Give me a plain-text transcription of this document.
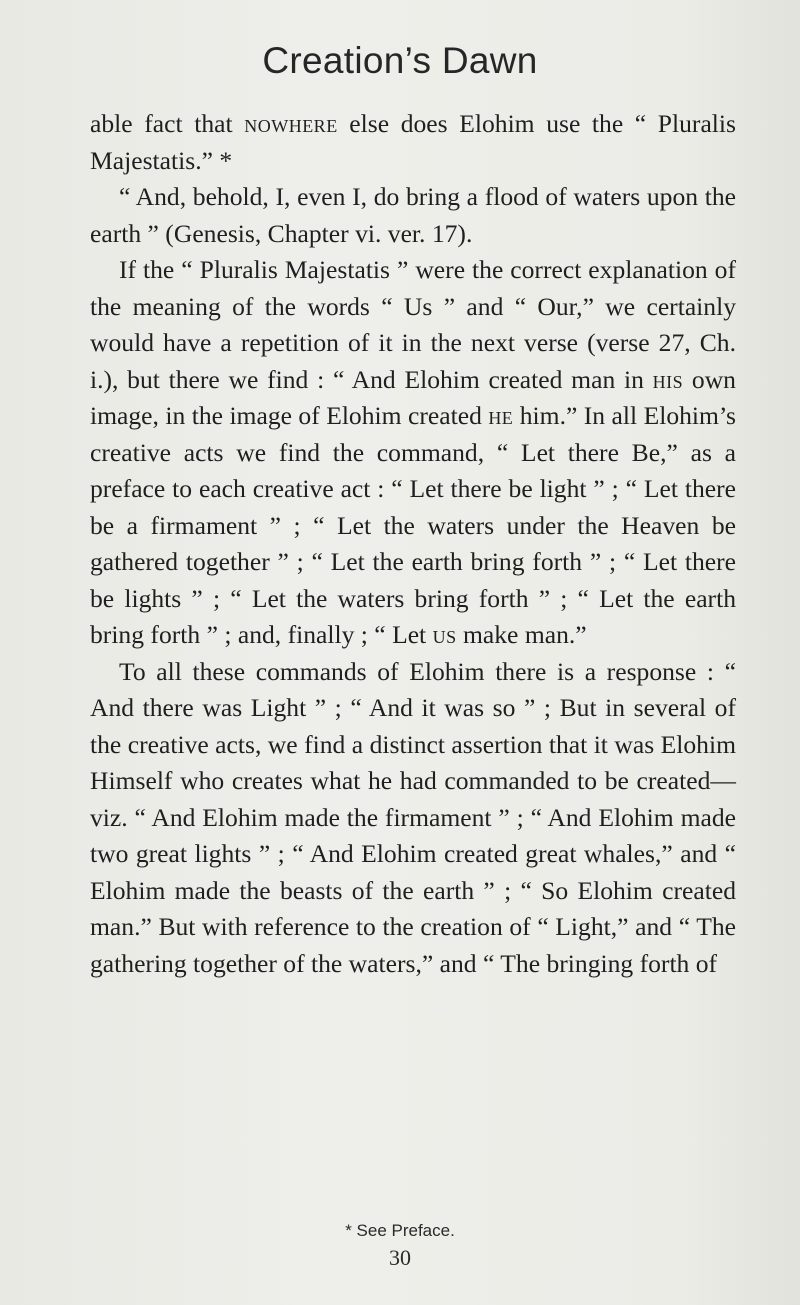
Creation’s Dawn

able fact that nowhere else does Elohim use the “ Pluralis Majestatis.” *

“ And, behold, I, even I, do bring a flood of waters upon the earth ” (Genesis, Chapter vi. ver. 17).

If the “ Pluralis Majestatis ” were the correct explanation of the meaning of the words “ Us ” and “ Our,” we certainly would have a repetition of it in the next verse (verse 27, Ch. i.), but there we find : “ And Elohim created man in his own image, in the image of Elohim created he him.” In all Elohim’s creative acts we find the command, “ Let there Be,” as a preface to each creative act : “ Let there be light ” ; “ Let there be a firmament ” ; “ Let the waters under the Heaven be gathered together ” ; “ Let the earth bring forth ” ; “ Let there be lights ” ; “ Let the waters bring forth ” ; “ Let the earth bring forth ” ; and, finally ; “ Let us make man.”

To all these commands of Elohim there is a response : “ And there was Light ” ; “ And it was so ” ; But in several of the creative acts, we find a distinct assertion that it was Elohim Himself who creates what he had commanded to be created—viz. “ And Elohim made the firmament ” ; “ And Elohim made two great lights ” ; “ And Elohim created great whales,” and “ Elohim made the beasts of the earth ” ; “ So Elohim created man.” But with reference to the creation of “ Light,” and “ The gathering together of the waters,” and “ The bringing forth of

* See Preface.
30
